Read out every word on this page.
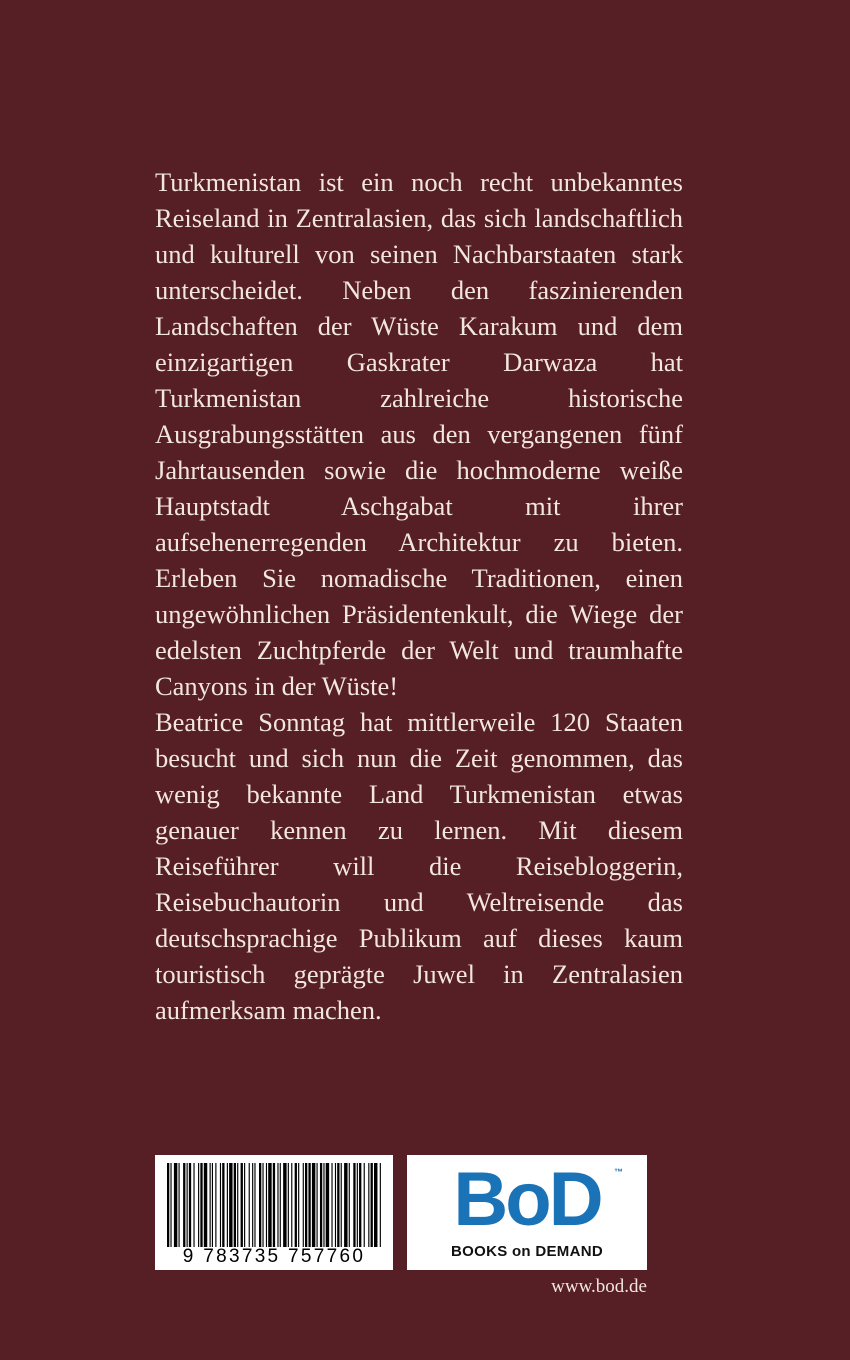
Turkmenistan ist ein noch recht unbekanntes Reiseland in Zentralasien, das sich landschaftlich und kulturell von seinen Nachbarstaaten stark unterscheidet. Neben den faszinierenden Landschaften der Wüste Karakum und dem einzigartigen Gaskrater Darwaza hat Turkmenistan zahlreiche historische Ausgrabungsstätten aus den vergangenen fünf Jahrtausenden sowie die hochmoderne weiße Hauptstadt Aschgabat mit ihrer aufsehenerregenden Architektur zu bieten. Erleben Sie nomadische Traditionen, einen ungewöhnlichen Präsidentenkult, die Wiege der edelsten Zuchtpferde der Welt und traumhafte Canyons in der Wüste!

Beatrice Sonntag hat mittlerweile 120 Staaten besucht und sich nun die Zeit genommen, das wenig bekannte Land Turkmenistan etwas genauer kennen zu lernen. Mit diesem Reiseführer will die Reisebloggerin, Reisebuchautorin und Weltreisende das deutschsprachige Publikum auf dieses kaum touristisch geprägte Juwel in Zentralasien aufmerksam machen.

9 783735 757760
BoD	™
BOOKS on DEMAND
www.bod.de
